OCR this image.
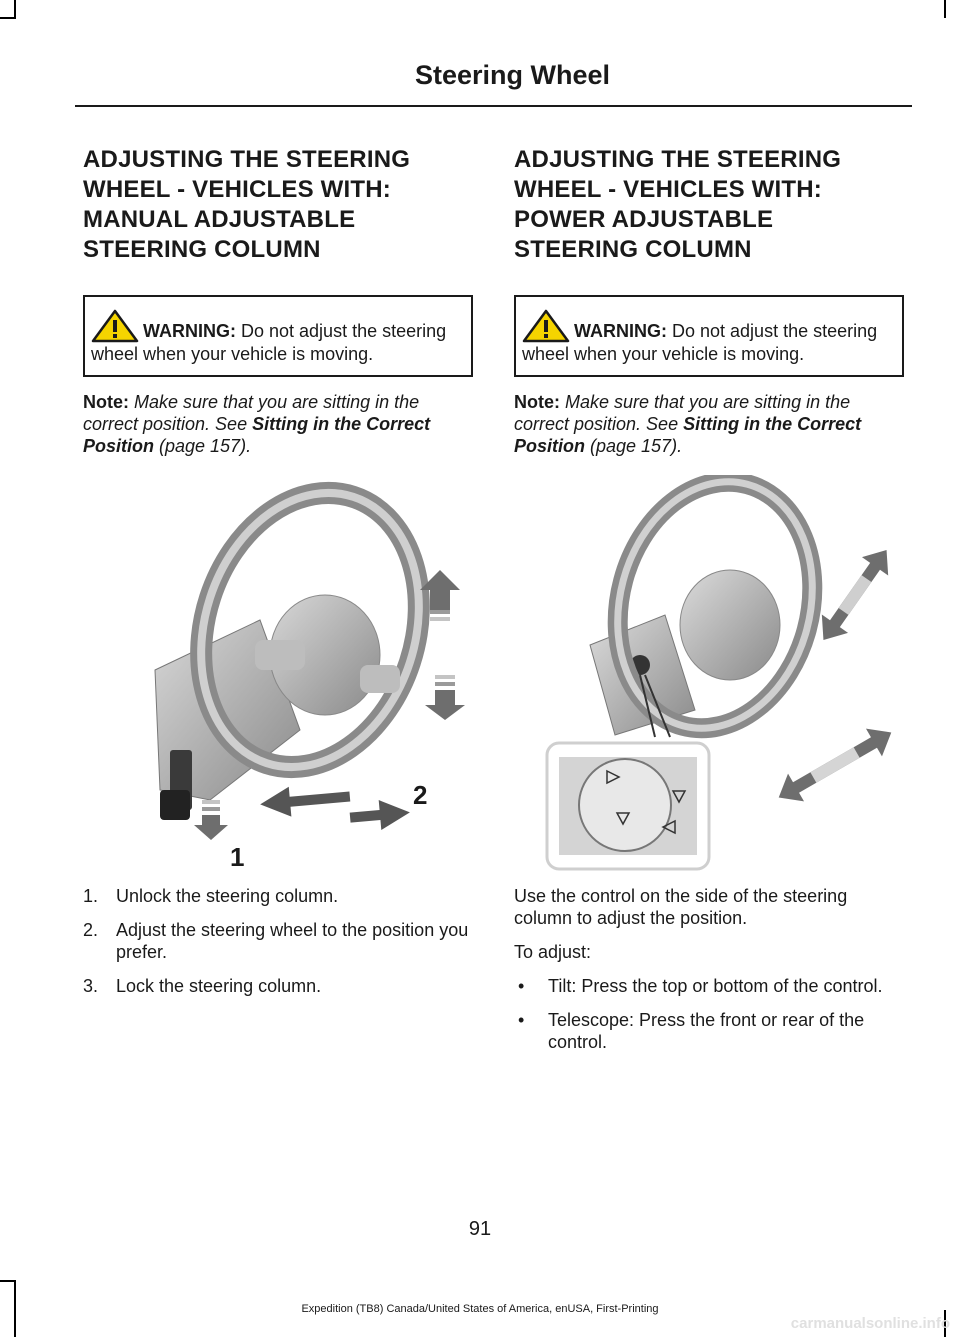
Steering Wheel
ADJUSTING THE STEERING
WHEEL - VEHICLES WITH:
MANUAL ADJUSTABLE
STEERING COLUMN
WARNING: Do not adjust the steering wheel when your vehicle is moving.
Note: Make sure that you are sitting in the correct position. See Sitting in the Correct Position (page 157).
1
2
1. Unlock the steering column.
2. Adjust the steering wheel to the position you prefer.
3. Lock the steering column.
ADJUSTING THE STEERING
WHEEL - VEHICLES WITH:
POWER ADJUSTABLE
STEERING COLUMN
WARNING: Do not adjust the steering wheel when your vehicle is moving.
Note: Make sure that you are sitting in the correct position. See Sitting in the Correct Position (page 157).

Use the control on the side of the steering column to adjust the position.

To adjust:

• Tilt: Press the top or bottom of the control.
• Telescope: Press the front or rear of the control.
91
Expedition (TB8) Canada/United States of America, enUSA, First-Printing
carmanualsonline.info
